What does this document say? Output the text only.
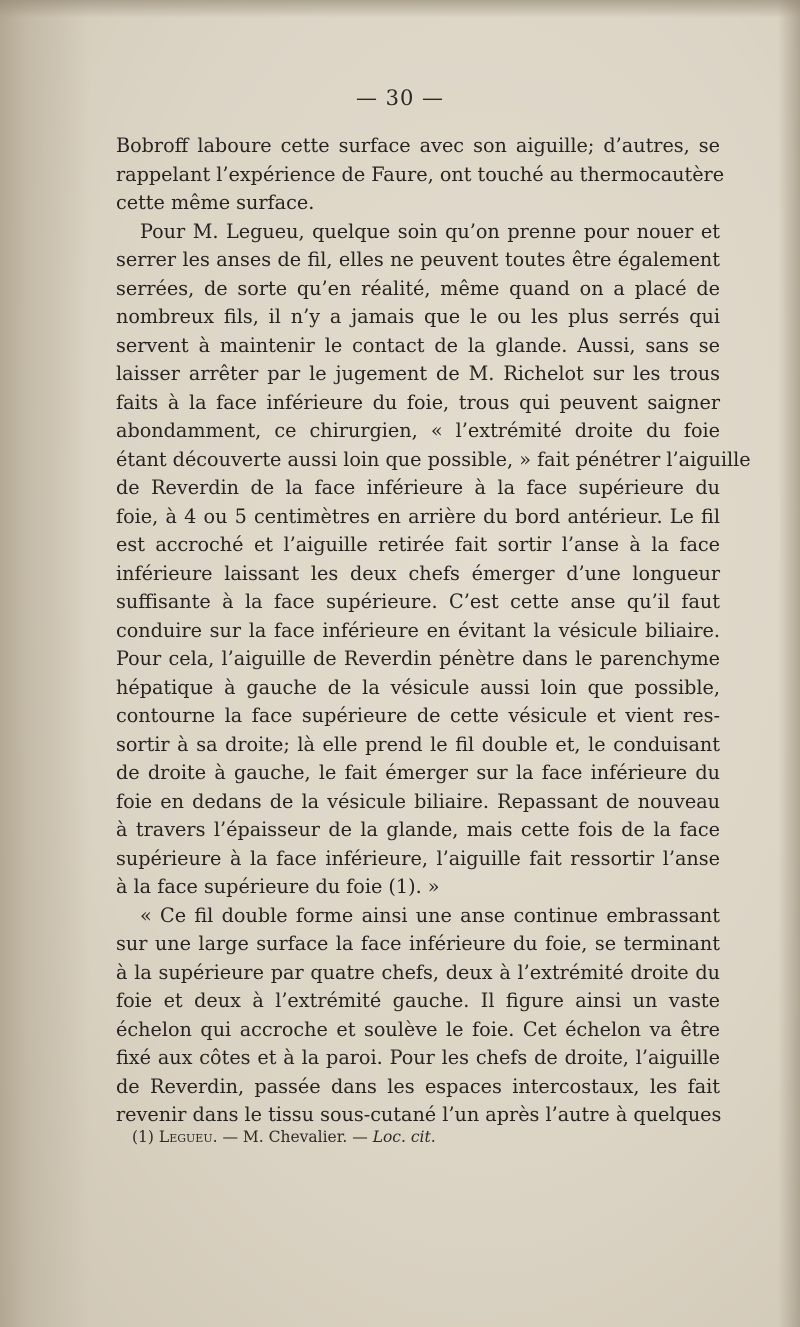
— 30 —
Bobroff laboure cette surface avec son aiguille; d’autres, se
rappelant l’expérience de Faure, ont touché au thermocautère
cette même surface.
Pour M. Legueu, quelque soin qu’on prenne pour nouer et
serrer les anses de fil, elles ne peuvent toutes être également
serrées, de sorte qu’en réalité, même quand on a placé de
nombreux fils, il n’y a jamais que le ou les plus serrés qui
servent à maintenir le contact de la glande. Aussi, sans se
laisser arrêter par le jugement de M. Richelot sur les trous
faits à la face inférieure du foie, trous qui peuvent saigner
abondamment, ce chirurgien, « l’extrémité droite du foie
étant découverte aussi loin que possible, » fait pénétrer l’aiguille
de Reverdin de la face inférieure à la face supérieure du
foie, à 4 ou 5 centimètres en arrière du bord antérieur. Le fil
est accroché et l’aiguille retirée fait sortir l’anse à la face
inférieure laissant les deux chefs émerger d’une longueur
suffisante à la face supérieure. C’est cette anse qu’il faut
conduire sur la face inférieure en évitant la vésicule biliaire.
Pour cela, l’aiguille de Reverdin pénètre dans le parenchyme
hépatique à gauche de la vésicule aussi loin que possible,
contourne la face supérieure de cette vésicule et vient res-
sortir à sa droite; là elle prend le fil double et, le conduisant
de droite à gauche, le fait émerger sur la face inférieure du
foie en dedans de la vésicule biliaire. Repassant de nouveau
à travers l’épaisseur de la glande, mais cette fois de la face
supérieure à la face inférieure, l’aiguille fait ressortir l’anse
à la face supérieure du foie (1). »
« Ce fil double forme ainsi une anse continue embrassant
sur une large surface la face inférieure du foie, se terminant
à la supérieure par quatre chefs, deux à l’extrémité droite du
foie et deux à l’extrémité gauche. Il figure ainsi un vaste
échelon qui accroche et soulève le foie. Cet échelon va être
fixé aux côtes et à la paroi. Pour les chefs de droite, l’aiguille
de Reverdin, passée dans les espaces intercostaux, les fait
revenir dans le tissu sous-cutané l’un après l’autre à quelques
(1) Legueu. — M. Chevalier. — Loc. cit.
